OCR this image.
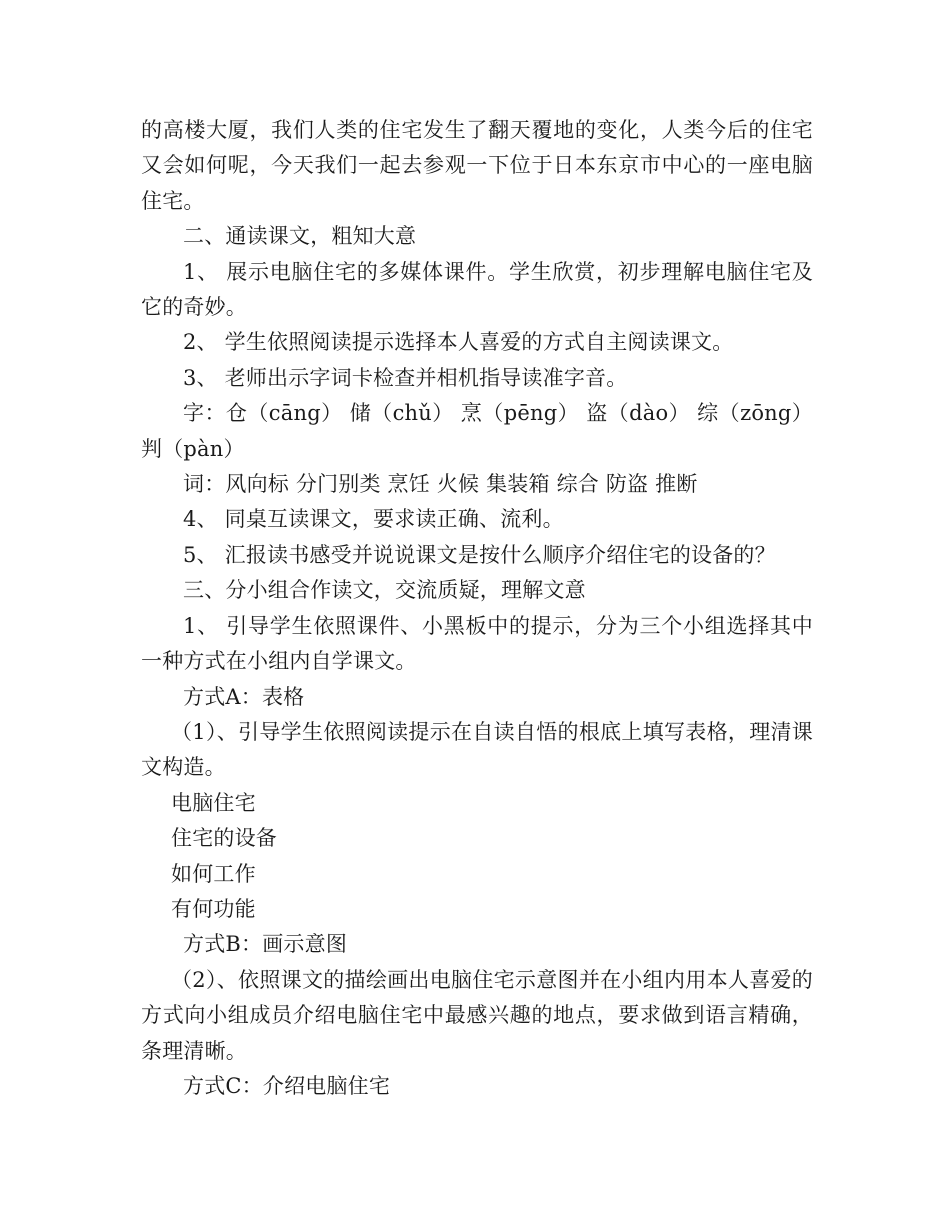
的高楼大厦，我们人类的住宅发生了翻天覆地的变化，人类今后的住宅又会如何呢，今天我们一起去参观一下位于日本东京市中心的一座电脑住宅。

二、通读课文，粗知大意

1、 展示电脑住宅的多媒体课件。学生欣赏，初步理解电脑住宅及它的奇妙。

2、 学生依照阅读提示选择本人喜爱的方式自主阅读课文。

3、 老师出示字词卡检查并相机指导读准字音。

字：仓（cāng） 储（chǔ） 烹（pēng） 盗（dào） 综（zōng） 判（pàn）

词：风向标 分门别类 烹饪 火候 集装箱 综合 防盗 推断

4、 同桌互读课文，要求读正确、流利。

5、 汇报读书感受并说说课文是按什么顺序介绍住宅的设备的？

三、分小组合作读文，交流质疑，理解文意

1、 引导学生依照课件、小黑板中的提示，分为三个小组选择其中一种方式在小组内自学课文。

方式A：表格

（1）、引导学生依照阅读提示在自读自悟的根底上填写表格，理清课文构造。

电脑住宅

住宅的设备

如何工作

有何功能

方式B：画示意图

（2）、依照课文的描绘画出电脑住宅示意图并在小组内用本人喜爱的方式向小组成员介绍电脑住宅中最感兴趣的地点，要求做到语言精确，条理清晰。

方式C：介绍电脑住宅
